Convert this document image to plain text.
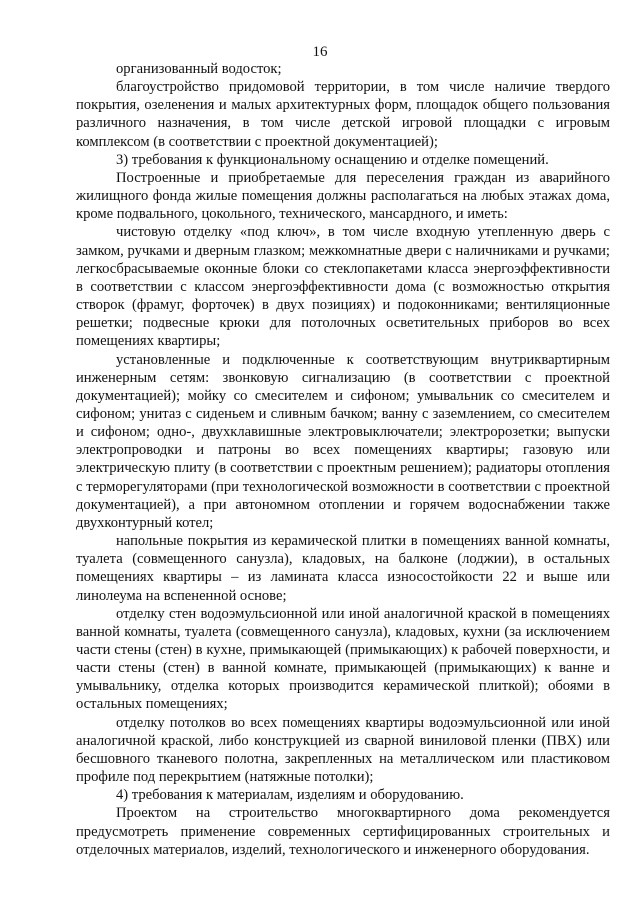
16

организованный водосток;

благоустройство придомовой территории, в том числе наличие твердого покрытия, озеленения и малых архитектурных форм, площадок общего пользования различного назначения, в том числе детской игровой площадки с игровым комплексом (в соответствии с проектной документацией);

3) требования к функциональному оснащению и отделке помещений.

Построенные и приобретаемые для переселения граждан из аварийного жилищного фонда жилые помещения должны располагаться на любых этажах дома, кроме подвального, цокольного, технического, мансардного, и иметь:

чистовую отделку «под ключ», в том числе входную утепленную дверь с замком, ручками и дверным глазком; межкомнатные двери с наличниками и ручками; легкосбрасываемые оконные блоки со стеклопакетами класса энергоэффективности в соответствии с классом энергоэффективности дома (с возможностью открытия створок (фрамуг, форточек) в двух позициях) и подоконниками; вентиляционные решетки; подвесные крюки для потолочных осветительных приборов во всех помещениях квартиры;

установленные и подключенные к соответствующим внутриквартирным инженерным сетям: звонковую сигнализацию (в соответствии с проектной документацией); мойку со смесителем и сифоном; умывальник со смесителем и сифоном; унитаз с сиденьем и сливным бачком; ванну с заземлением, со смесителем и сифоном; одно-, двухклавишные электровыключатели; электророзетки; выпуски электропроводки и патроны во всех помещениях квартиры; газовую или электрическую плиту (в соответствии с проектным решением); радиаторы отопления с терморегуляторами (при технологической возможности в соответствии с проектной документацией), а при автономном отоплении и горячем водоснабжении также двухконтурный котел;

напольные покрытия из керамической плитки в помещениях ванной комнаты, туалета (совмещенного санузла), кладовых, на балконе (лоджии), в остальных помещениях квартиры – из ламината класса износостойкости 22 и выше или линолеума на вспененной основе;

отделку стен водоэмульсионной или иной аналогичной краской в помещениях ванной комнаты, туалета (совмещенного санузла), кладовых, кухни (за исключением части стены (стен) в кухне, примыкающей (примыкающих) к рабочей поверхности, и части стены (стен) в ванной комнате, примыкающей (примыкающих) к ванне и умывальнику, отделка которых производится керамической плиткой); обоями в остальных помещениях;

отделку потолков во всех помещениях квартиры водоэмульсионной или иной аналогичной краской, либо конструкцией из сварной виниловой пленки (ПВХ) или бесшовного тканевого полотна, закрепленных на металлическом или пластиковом профиле под перекрытием (натяжные потолки);

4) требования к материалам, изделиям и оборудованию.

Проектом на строительство многоквартирного дома рекомендуется предусмотреть применение современных сертифицированных строительных и отделочных материалов, изделий, технологического и инженерного оборудования.
